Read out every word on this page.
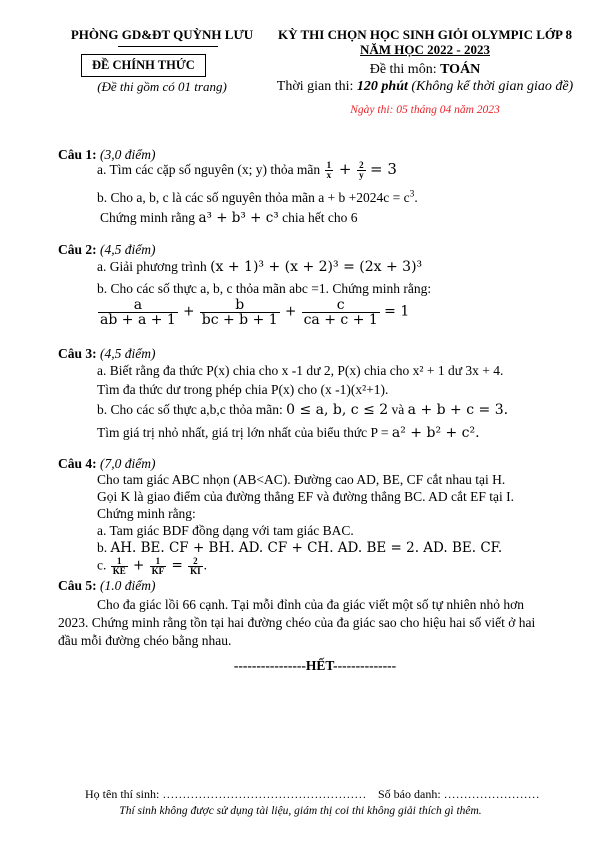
PHÒNG GD&ĐT QUỲNH LƯU
ĐỀ CHÍNH THỨC
(Đề thi gồm có 01 trang)
KỲ THI CHỌN HỌC SINH GIỎI OLYMPIC LỚP 8
NĂM HỌC 2022 - 2023
Đề thi môn: TOÁN
Thời gian thi: 120 phút (Không kể thời gian giao đề)
Ngày thi: 05 tháng 04 năm 2023
Câu 1: (3,0 điểm)
a. Tìm các cặp số nguyên (x; y) thỏa mãn $\frac{1}{x} + \frac{2}{y} = 3$
b. Cho a, b, c là các số nguyên thỏa mãn $a + b +2024c = c^3$.
Chứng minh rằng a³ + b³ + c³ chia hết cho 6
Câu 2: (4,5 điểm)
a. Giải phương trình (x + 1)³ + (x + 2)³ = (2x + 3)³
b. Cho các số thực a, b, c thỏa mãn abc =1. Chứng minh rằng:
$\frac{a}{ab + a + 1} + \frac{b}{bc + b + 1} + \frac{c}{ca + c + 1} = 1$
Câu 3: (4,5 điểm)
a. Biết rằng đa thức P(x) chia cho x -1 dư 2, P(x) chia cho x² + 1 dư 3x + 4.
Tìm đa thức dư trong phép chia P(x) cho (x -1)(x²+1).
b. Cho các số thực a,b,c thỏa mãn: 0 ≤ a, b, c ≤ 2 và a + b + c = 3.
Tìm giá trị nhỏ nhất, giá trị lớn nhất của biểu thức P = a² + b² + c².
Câu 4: (7,0 điểm)
Cho tam giác ABC nhọn (AB<AC). Đường cao AD, BE, CF cắt nhau tại H.
Gọi K là giao điểm của đường thẳng EF và đường thẳng BC. AD cắt EF tại I.
Chứng minh rằng:
a. Tam giác BDF đồng dạng với tam giác BAC.
b. AH. BE. CF + BH. AD. CF + CH. AD. BE = 2. AD. BE. CF.
c. $\frac{1}{KE} + \frac{1}{KF} = \frac{2}{KI}$ .
Câu 5: (1.0 điểm)
Cho đa giác lồi 66 cạnh. Tại mỗi đỉnh của đa giác viết một số tự nhiên nhỏ hơn
2023. Chứng minh rằng tồn tại hai đường chéo của đa giác sao cho hiệu hai số viết ở hai
đầu mỗi đường chéo bằng nhau.
----------------HẾT--------------
Họ tên thí sinh: …………………………………………… Số báo danh: ……………………
Thí sinh không được sử dụng tài liệu, giám thị coi thi không giải thích gì thêm.
